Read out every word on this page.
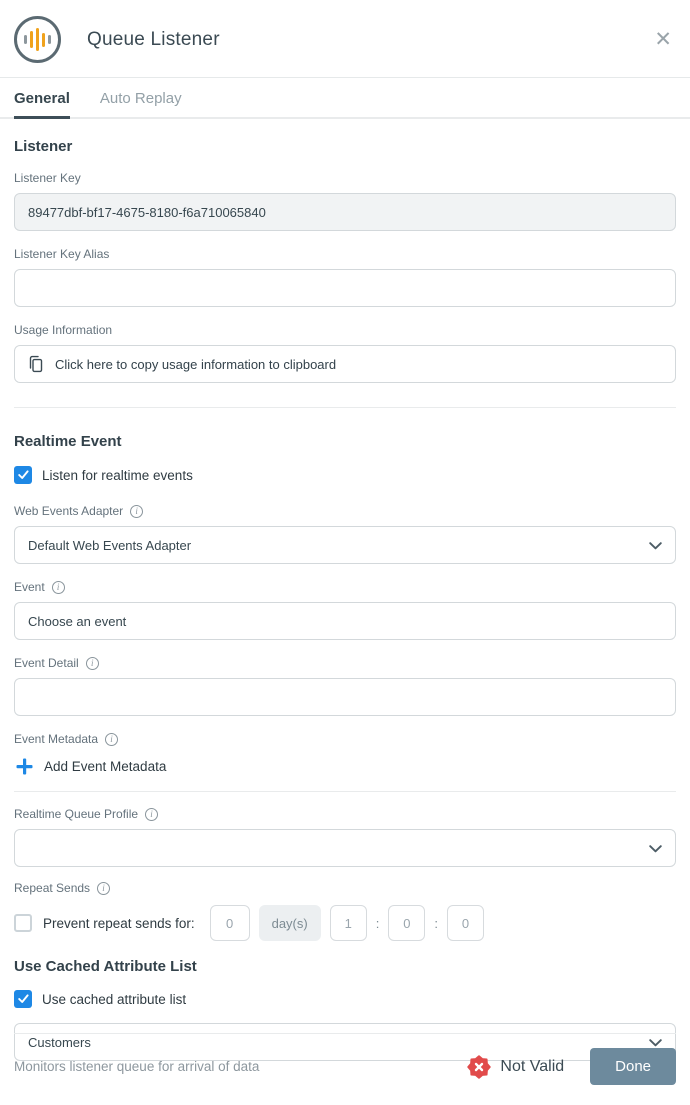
Queue Listener	✕
General Auto Replay
Listener
Listener Key
89477dbf-bf17-4675-8180-f6a710065840
Listener Key Alias
Usage Information
Click here to copy usage information to clipboard
Realtime Event
Listen for realtime events
Web Events Adapter	i
Default Web Events Adapter
Event	i
Choose an event
Event Detail	i
Event Metadata	i
Add Event Metadata
Realtime Queue Profile	i
Repeat Sends	i
Prevent repeat sends for:
0	day(s)
1	:
0	:
0
Use Cached Attribute List
Use cached attribute list
Customers
Monitors listener queue for arrival of data	Not Valid	Done
